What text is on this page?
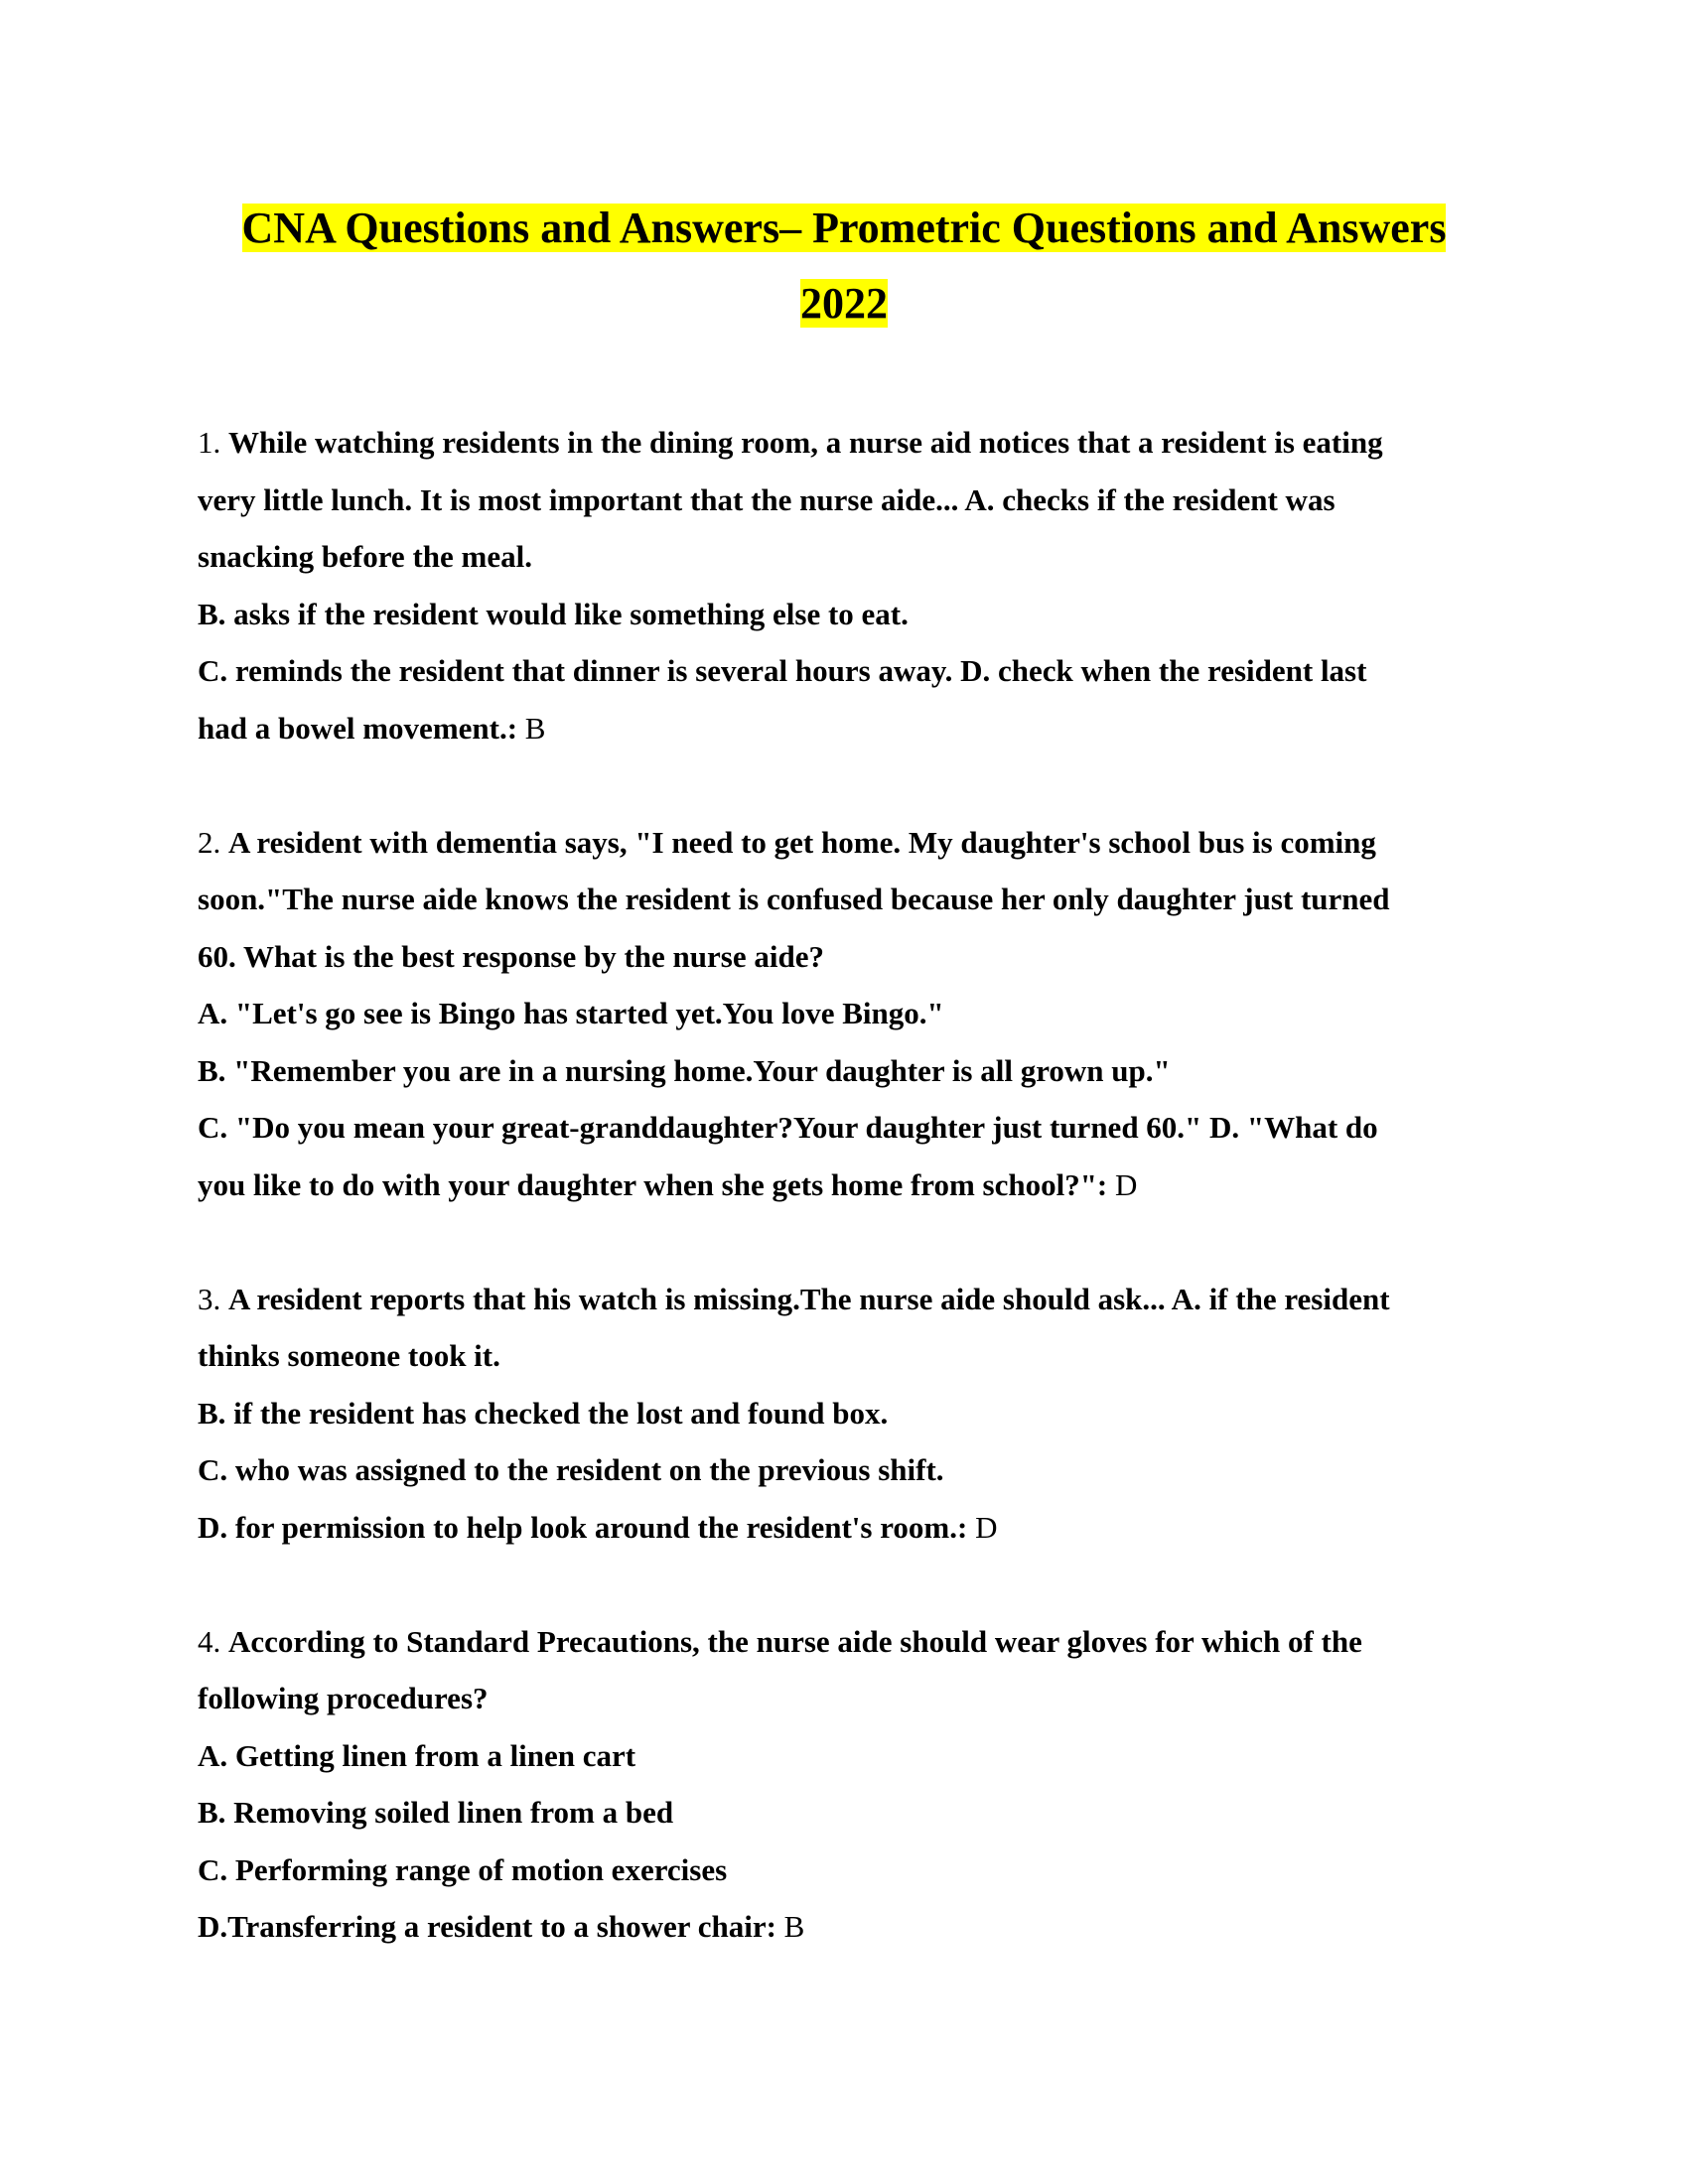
CNA Questions and Answers– Prometric Questions and Answers
2022
1. While watching residents in the dining room, a nurse aid notices that a resident is eating
very little lunch. It is most important that the nurse aide... A. checks if the resident was
snacking before the meal.
B. asks if the resident would like something else to eat.
C. reminds the resident that dinner is several hours away. D. check when the resident last
had a bowel movement.: B
2. A resident with dementia says, "I need to get home. My daughter's school bus is coming
soon."The nurse aide knows the resident is confused because her only daughter just turned
60. What is the best response by the nurse aide?
A. "Let's go see is Bingo has started yet.You love Bingo."
B. "Remember you are in a nursing home.Your daughter is all grown up."
C. "Do you mean your great-granddaughter?Your daughter just turned 60." D. "What do
you like to do with your daughter when she gets home from school?": D
3. A resident reports that his watch is missing.The nurse aide should ask... A. if the resident
thinks someone took it.
B. if the resident has checked the lost and found box.
C. who was assigned to the resident on the previous shift.
D. for permission to help look around the resident's room.: D
4. According to Standard Precautions, the nurse aide should wear gloves for which of the
following procedures?
A. Getting linen from a linen cart
B. Removing soiled linen from a bed
C. Performing range of motion exercises
D.Transferring a resident to a shower chair: B
